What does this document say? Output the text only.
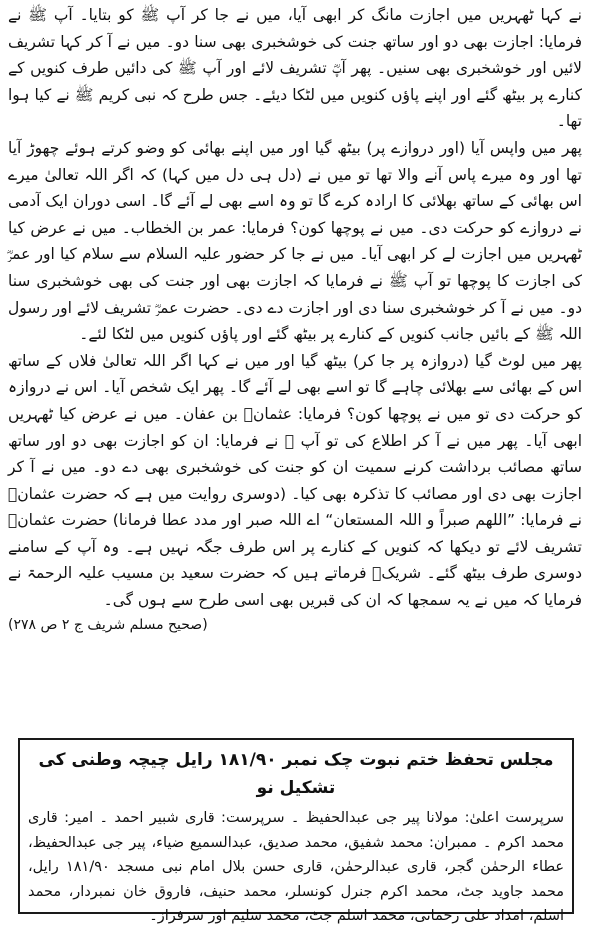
نے کہا ٹھہریں میں اجازت مانگ کر ابھی آیا، میں نے جا کر آپ ﷺ کو بتایا۔ آپ ﷺ نے فرمایا: اجازت بھی دو اور ساتھ جنت کی خوشخبری بھی سنا دو۔ میں نے آ کر کہا تشریف لائیں اور خوشخبری بھی سنیں۔ پھر آپؓ تشریف لائے اور آپ ﷺ کی دائیں طرف کنویں کے کنارے پر بیٹھ گئے اور اپنے پاؤں کنویں میں لٹکا دیئے۔ جس طرح کہ نبی کریم ﷺ نے کیا ہوا تھا۔

پھر میں واپس آیا (اور دروازے پر) بیٹھ گیا اور میں اپنے بھائی کو وضو کرتے ہوئے چھوڑ آیا تھا اور وہ میرے پاس آنے والا تھا تو میں نے (دل ہی دل میں کہا) کہ اگر اللہ تعالیٰ میرے اس بھائی کے ساتھ بھلائی کا ارادہ کرے گا تو وہ اسے بھی لے آئے گا۔ اسی دوران ایک آدمی نے دروازے کو حرکت دی۔ میں نے پوچھا کون؟ فرمایا: عمر بن الخطاب۔ میں نے عرض کیا ٹھہریں میں اجازت لے کر ابھی آیا۔ میں نے جا کر حضور علیہ السلام سے سلام کیا اور عمرؓ کی اجازت کا پوچھا تو آپ ﷺ نے فرمایا کہ اجازت بھی اور جنت کی بھی خوشخبری سنا دو۔ میں نے آ کر خوشخبری سنا دی اور اجازت دے دی۔ حضرت عمرؓ تشریف لائے اور رسول اللہ ﷺ کے بائیں جانب کنویں کے کنارے پر بیٹھ گئے اور پاؤں کنویں میں لٹکا لئے۔

پھر میں لوٹ گیا (دروازہ پر جا کر) بیٹھ گیا اور میں نے کہا اگر اللہ تعالیٰ فلاں کے ساتھ اس کے بھائی سے بھلائی چاہے گا تو اسے بھی لے آئے گا۔ پھر ایک شخص آیا۔ اس نے دروازہ کو حرکت دی تو میں نے پوچھا کون؟ فرمایا: عثمانؓ بن عفان۔ میں نے عرض کیا ٹھہریں ابھی آیا۔ پھر میں نے آ کر اطلاع کی تو آپ ﷺ نے فرمایا: ان کو اجازت بھی دو اور ساتھ ساتھ مصائب برداشت کرنے سمیت ان کو جنت کی خوشخبری بھی دے دو۔ میں نے آ کر اجازت بھی دی اور مصائب کا تذکرہ بھی کیا۔ (دوسری روایت میں ہے کہ حضرت عثمانؓ نے فرمایا: ”اللھم صبراً و اللہ المستعان“ اے اللہ صبر اور مدد عطا فرمانا) حضرت عثمانؓ تشریف لائے تو دیکھا کہ کنویں کے کنارے پر اس طرف جگہ نہیں ہے۔ وہ آپ کے سامنے دوسری طرف بیٹھ گئے۔ شریکؒ فرماتے ہیں کہ حضرت سعید بن مسیب علیہ الرحمۃ نے فرمایا کہ میں نے یہ سمجھا کہ ان کی قبریں بھی اسی طرح سے ہوں گی۔

(صحیح مسلم شریف ج ۲ ص ۲۷۸)
مجلس تحفظ ختم نبوت چک نمبر ۱۸۱/۹۰ رایل چیچہ وطنی کی تشکیل نو

سرپرست اعلیٰ: مولانا پیر جی عبدالحفیظ ۔ سرپرست: قاری شبیر احمد ۔ امیر: قاری محمد اکرم ۔ ممبران: محمد شفیق، محمد صدیق، عبدالسمیع ضیاء، پیر جی عبدالحفیظ، عطاء الرحمٰن گجر، قاری عبدالرحمٰن، قاری حسن بلال امام نبی مسجد ۱۸۱/۹۰ رایل، محمد جاوید جٹ، محمد اکرم جنرل کونسلر، محمد حنیف، فاروق خان نمبردار، محمد اسلم، امداد علی رحمانی، محمد اسلم جٹ، محمد سلیم اور سرفراز۔
